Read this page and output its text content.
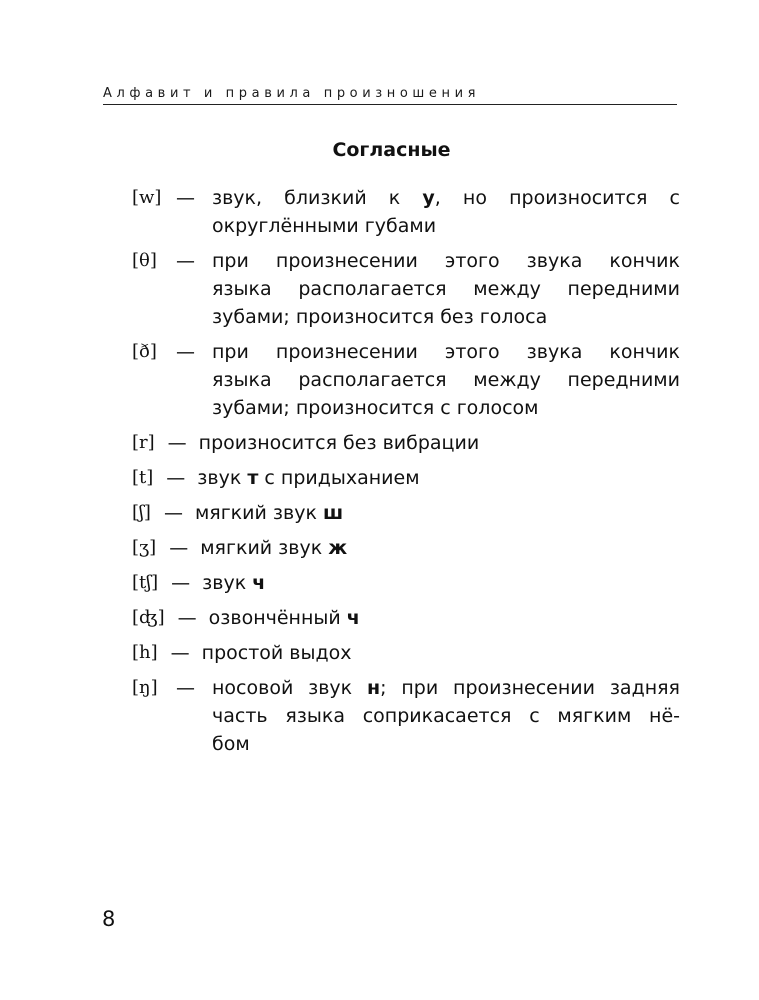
Алфавит и правила произношения
Согласные
[w] — звук, близкий к у, но произносится с
округлёнными губами
[θ]	— при произнесении этого звука кончик
языка располагается между передними
зубами; произносится без голоса
[ð]	— при произнесении этого звука кончик
языка располагается между передними
зубами; произносится с голосом
[r] — произносится без вибрации
[t] — звук т с придыханием
[ʃ] — мягкий звук ш
[ʒ] — мягкий звук ж
[tʃ] — звук ч
[ʤ] — озвончённый ч
[h] — простой выдох
[ŋ] — носовой звук н; при произнесении задняя
часть языка соприкасается с мягким нё-
бом
8
